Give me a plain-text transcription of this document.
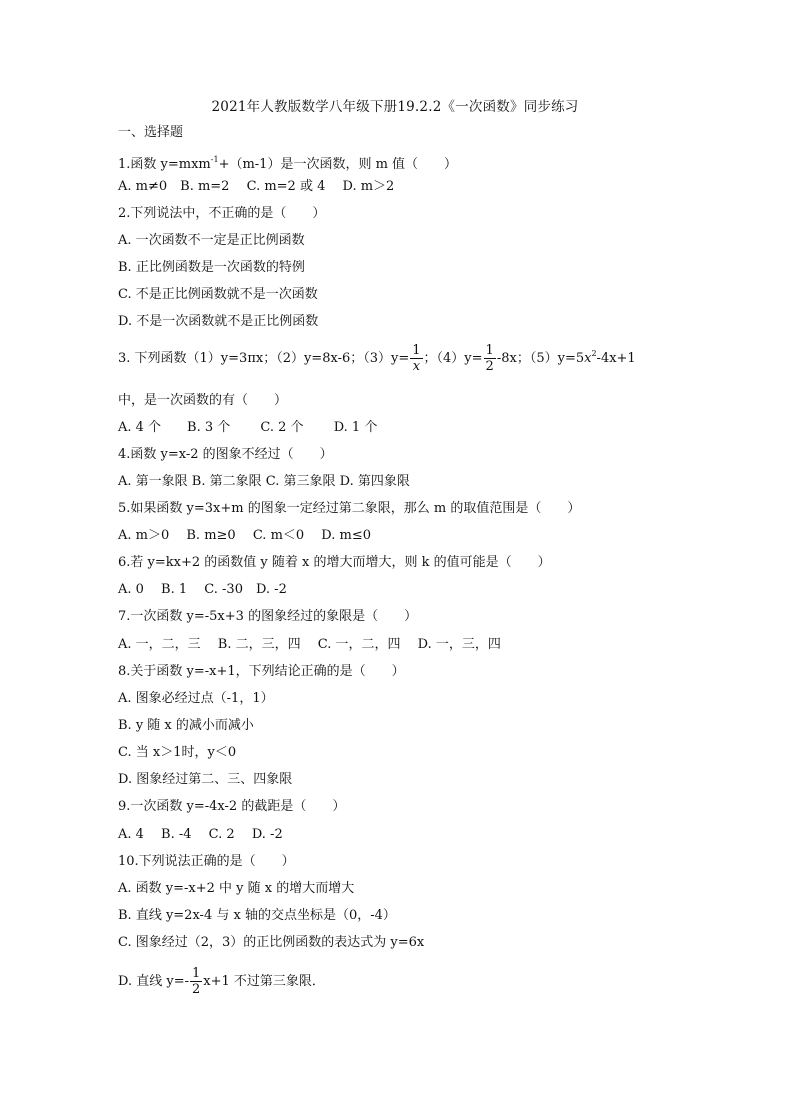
2021年人教版数学八年级下册19.2.2《一次函数》同步练习
一、选择题
1.函数 y=mxm$^{-1}$+（m-1）是一次函数，则 m 值（　　）
A. m≠0　B. m=2　 C. m=2 或 4　 D. m＞2
2.下列说法中，不正确的是（　　）
A. 一次函数不一定是正比例函数
B. 正比例函数是一次函数的特例
C. 不是正比例函数就不是一次函数
D. 不是一次函数就不是正比例函数
3. 下列函数（1）y=3πx；（2）y=8x-6；$(3)y= \frac{1}{x}$ ；$(4)y= \frac{1}{2} -8x$；$(5)y=5x^2-4x+1$
中，是一次函数的有（　　）
A. 4 个　　B. 3 个　　 C. 2 个　　 D. 1 个
4.函数 y=x-2 的图象不经过（　　）
A. 第一象限 B. 第二象限 C. 第三象限 D. 第四象限
5.如果函数 y=3x+m 的图象一定经过第二象限，那么 m 的取值范围是（　　）
A. m＞0　 B. m≥0　 C. m＜0　 D. m≤0
6.若 y=kx+2 的函数值 y 随着 x 的增大而增大，则 k 的值可能是（　　）
A. 0　 B. 1　 C. -30　D. -2
7.一次函数 y=-5x+3 的图象经过的象限是（　　）
A. 一，二，三　 B. 二，三，四　 C. 一，二，四　 D. 一，三，四
8.关于函数 y=-x+1，下列结论正确的是（　　）
A. 图象必经过点（-1，1）
B. y 随 x 的减小而减小
C. 当 x＞1时，y＜0
D. 图象经过第二、三、四象限
9.一次函数 y=-4x-2 的截距是（　　）
A. 4　 B. -4　 C. 2　 D. -2
10.下列说法正确的是（　　）
A. 函数 y=-x+2 中 y 随 x 的增大而增大
B. 直线 y=2x-4 与 x 轴的交点坐标是（0，-4）
C. 图象经过（2，3）的正比例函数的表达式为 y=6x
D. 直线 $y=- \frac{1}{2} x+1$ 不过第三象限．
